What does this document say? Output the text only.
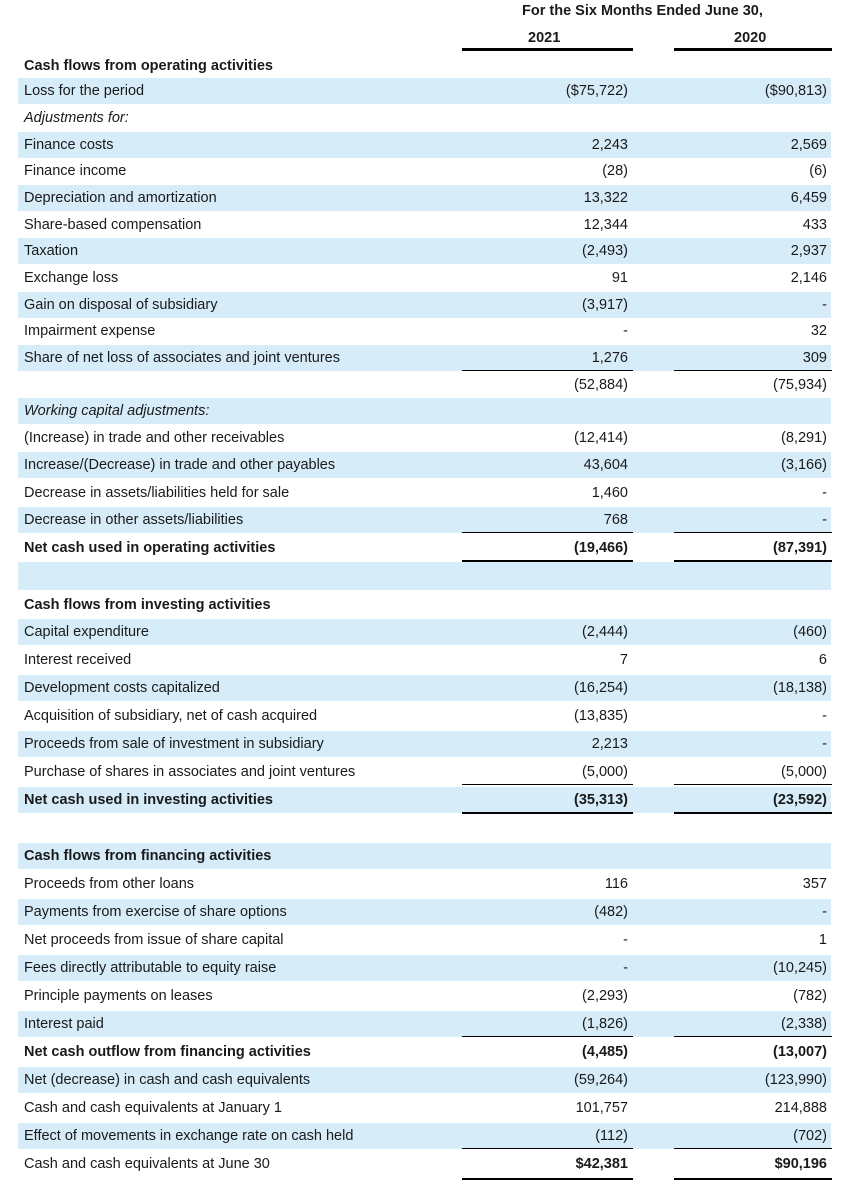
For the Six Months Ended June 30,
2021	2020
Cash flows from operating activities
Loss for the period	($75,722)	($90,813)
Adjustments for:
Finance costs	2,243	2,569
Finance income	(28)	(6)
Depreciation and amortization	13,322	6,459
Share-based compensation	12,344	433
Taxation	(2,493)	2,937
Exchange loss	91	2,146
Gain on disposal of subsidiary	(3,917)	-
Impairment expense	-	32
Share of net loss of associates and joint ventures	1,276	309
(52,884)	(75,934)
Working capital adjustments:
(Increase) in trade and other receivables	(12,414)	(8,291)
Increase/(Decrease) in trade and other payables	43,604	(3,166)
Decrease in assets/liabilities held for sale	1,460	-
Decrease in other assets/liabilities	768	-
Net cash used in operating activities	(19,466)	(87,391)
Cash flows from investing activities
Capital expenditure	(2,444)	(460)
Interest received	7	6
Development costs capitalized	(16,254)	(18,138)
Acquisition of subsidiary, net of cash acquired	(13,835)	-
Proceeds from sale of investment in subsidiary	2,213	-
Purchase of shares in associates and joint ventures	(5,000)	(5,000)
Net cash used in investing activities	(35,313)	(23,592)
Cash flows from financing activities
Proceeds from other loans	116	357
Payments from exercise of share options	(482)	-
Net proceeds from issue of share capital	-	1
Fees directly attributable to equity raise	-	(10,245)
Principle payments on leases	(2,293)	(782)
Interest paid	(1,826)	(2,338)
Net cash outflow from financing activities	(4,485)	(13,007)
Net (decrease) in cash and cash equivalents	(59,264)	(123,990)
Cash and cash equivalents at January 1	101,757	214,888
Effect of movements in exchange rate on cash held	(112)	(702)
Cash and cash equivalents at June 30	$42,381	$90,196
